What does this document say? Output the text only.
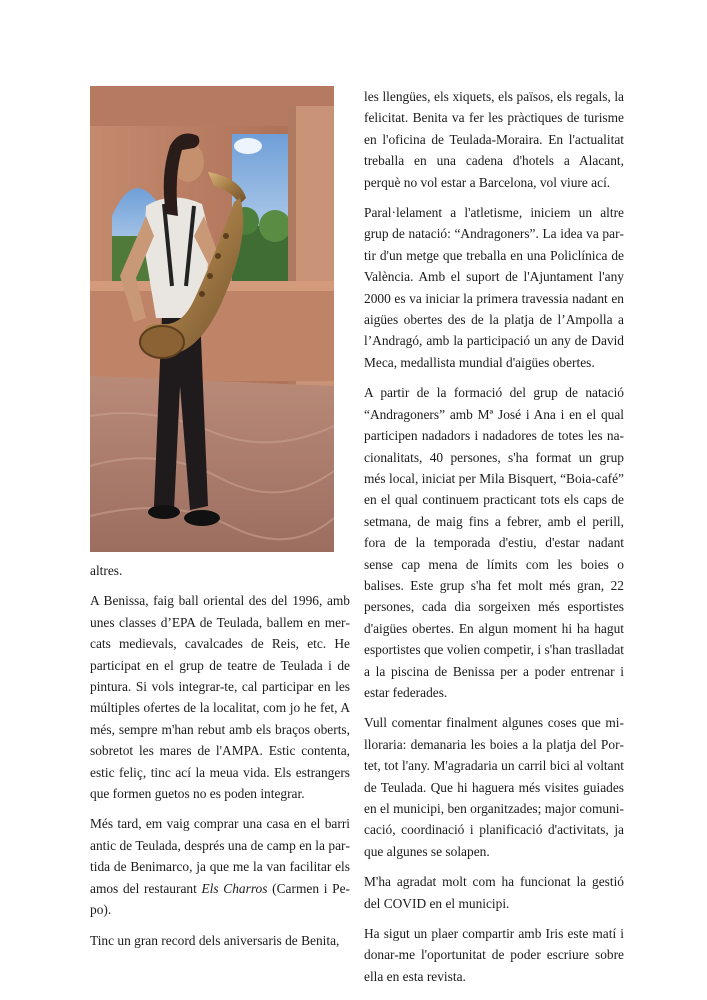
altres.

A Benissa, faig ball oriental des del 1996, amb unes classes d’EPA de Teulada, ballem en mercats medievals, cavalcades de Reis, etc. He participat en el grup de teatre de Teulada i de pintura. Si vols integrar-te, cal participar en les múltiples ofertes de la localitat, com jo he fet, A més, sempre m'han rebut amb els braços oberts, sobretot les mares de l'AMPA. Estic contenta, estic feliç, tinc ací la meua vida. Els estrangers que formen guetos no es poden integrar.

Més tard, em vaig comprar una casa en el barri antic de Teulada, després una de camp en la partida de Benimarco, ja que me la van facilitar els amos del restaurant Els Charros (Carmen i Pepo).

Tinc un gran record dels aniversaris de Benita,

les llengües, els xiquets, els països, els regals, la felicitat. Benita va fer les pràctiques de turisme en l'oficina de Teulada-Moraira. En l'actualitat treballa en una cadena d'hotels a Alacant, perquè no vol estar a Barcelona, vol viure ací.

Paral·lelament a l'atletisme, iniciem un altre grup de natació: “Andragoners”. La idea va partir d'un metge que treballa en una Policlínica de València. Amb el suport de l'Ajuntament l'any 2000 es va iniciar la primera travessia nadant en aigües obertes des de la platja de l’Ampolla a l’Andragó, amb la participació un any de David Meca, medallista mundial d'aigües obertes.

A partir de la formació del grup de natació “Andragoners” amb Mª José i Ana i en el qual participen nadadors i nadadores de totes les nacionalitats, 40 persones, s'ha format un grup més local, iniciat per Mila Bisquert, “Boia-café” en el qual continuem practicant tots els caps de setmana, de maig fins a febrer, amb el perill, fora de la temporada d'estiu, d'estar nadant sense cap mena de límits com les boies o balises. Este grup s'ha fet molt més gran, 22 persones, cada dia sorgeixen més esportistes d'aigües obertes. En algun moment hi ha hagut esportistes que volien competir, i s'han traslladat a la piscina de Benissa per a poder entrenar i estar federades.

Vull comentar finalment algunes coses que milloraria: demanaria les boies a la platja del Portet, tot l'any. M'agradaria un carril bici al voltant de Teulada. Que hi haguera més visites guiades en el municipi, ben organitzades; major comunicació, coordinació i planificació d'activitats, ja que algunes se solapen.

M'ha agradat molt com ha funcionat la gestió del COVID en el municipi.

Ha sigut un plaer compartir amb Iris este matí i donar-me l'oportunitat de poder escriure sobre ella en esta revista.
